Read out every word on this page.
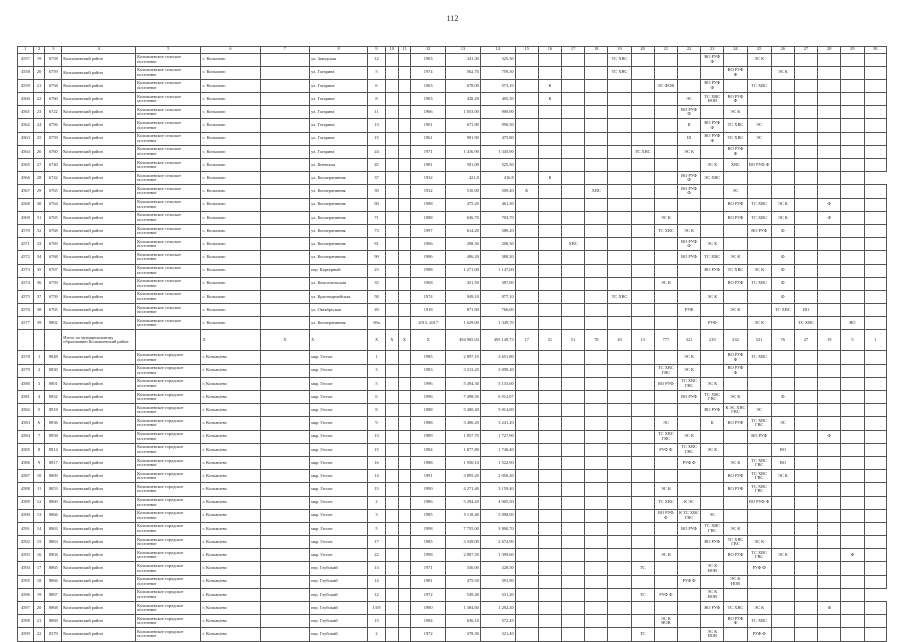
112
1	2	3	4	5	6	7	8	9	10	11	12	13	14	15	16	17	18	19	20	21	22	23	24	25	26	27	28	29	30
4557	19	6758	Колпашевский район	Колпашевское сельское поселение	с. Копылово		ул. Заводская	12			1963	341,30	325,30					ТС ХВС				ВО РУФ Ф		ЭС К					
4558	20	6759	Колпашевский район	Колпашевское сельское поселение	с. Копылово		ул. Гагарина	5			1974	562,70	759,30					ТС ХВС					ВО РУФ Ф		ЭС К				
4559	21	6758	Колпашевский район	Колпашевское сельское поселение	с. Копылово		ул. Гагарина	6			1963	678,00	573,10		К					ЭС ФОВ		ВО РУФ Ф		ТС ХВС					
4560	22	6760	Колпашевский район	Колпашевское сельское поселение	с. Копылово		ул. Гагарина	8			1963	428,20	405,30		К						ЭС	ТС ХВС НОВ	ВО РУФ Ф						
4561	23	6722	Колпашевский район	Колпашевское сельское поселение	с. Копылово		ул. Гагарина	11			1966	1 053,00	900,00								ВО РУФ Ф		ЭС К						
4562	24	6756	Колпашевский район	Колпашевское сельское поселение	с. Копылово		ул. Гагарина	13			1961	671,80	990,30								К	ВО РУФ Ф	ТС ХВС	ЭС					
4563	25	6759	Колпашевский район	Колпашевское сельское поселение	с. Копылово		ул. Гагарина	15			1961	981,90	475,80								Ш	ВО РУФ Ф	ТС ХВС	ЭС					
4564	26	6760	Колпашевский район	Колпашевское сельское поселение	с. Копылово		ул. Гагарина	24			1971	1 416,90	1 345,90						ТС ХВС		ЭС К		ВО РУФ Ф						
4565	27	6740	Колпашевский район	Колпашевское сельское поселение	с. Копылово		ул. Киевская	45			1981	581,00	525,50									ЭС К	ХВС	ВО РУФ Ф					
4566	28	6742	Колпашевский район	Колпашевское сельское поселение	с. Копылово		ул. Кооперативная	37			1932	421,8	416,8		К						ВО РУФ Ф	ЭС ХВС							
4567	29	6765	Колпашевский район	Колпашевское сельское поселение	с. Копылово		ул. Кооперативная	39			1932	510,00	509,40	К			ХВС				ВО РУФ Ф		ЭС						
4568	30	6764	Колпашевский район	Колпашевское сельское поселение	с. Копылово		ул. Кооперативная	60			1988	475,20	461,30										ВО РУФ	ТС ХВС	ЭС К		Ф		
4569	31	6765	Колпашевский район	Колпашевское сельское поселение	с. Копылово		ул. Кооперативная	71			1988	636,70	703,70							ЭС К			ВО РУФ	ТС ХВС	ЭС К		Ф		
4570	32	6768	Колпашевский район	Колпашевское сельское поселение	с. Копылово		ул. Кооперативная	73			1997	614,20	580,20							ТС ХВС	ЭС К			ВО РУФ	Ф				
4571	33	6769	Колпашевский район	Колпашевское сельское поселение	с. Копылово		ул. Кооперативная	81			1966	208,30	208,30			ХВС					ВО РУФ Ф	ЭС К							
4572	34	6768	Колпашевский район	Колпашевское сельское поселение	с. Копылово		ул. Кооперативная	90			1986	406,20	380,20								ВО РУФ	ТС ХВС	ЭС К		Ф				
4573	35	6767	Колпашевский район	Колпашевское сельское поселение	с. Копылово		пер. Карьерный	23			1988	1 271,00	1 147,00									ВО РУФ	ТС ХВС	ЭС К	Ф				
4574	36	6759	Колпашевский район	Колпашевское сельское поселение	с. Копылово		ул. Комсомольская	35			1968	451,50	387,00							ЭС К			ВО РУФ	ТС ХВС	Ф				
4575	37	6759	Колпашевский район	Колпашевское сельское поселение	с. Копылово		ул. Красноармейская	58			1974	949,10	877,10					ТС ХВС				ЭС К			Ф				
4576	38	6765	Колпашевский район	Колпашевское сельское поселение	с. Копылово		ул. Октябрьская	49			1918	871,90	766,00								РУФ		ЭС К		ТС ХВС	ВО			
4577	39	9802	Колпашевский район	Колпашевское сельское поселение	с. Копылово		ул. Кооперативная	69а			2015, 2017	1 629,00	1 349,70									РУФ		ЭС К		ТС ХВС		ВО	
			Итого по муниципальному образованию Колпашевский район		X	X	X	X	X	X	X	494 965,04	495 149,73	17	21	51	78	20	13	777	321	219	334	521	76	27	19	5	1
4578	1	8848	Колпашевский район	Колпашевское городское поселение	г. Колпашево		мкр. Геолог	1			1985	2 897,10	2 651,80								ЭС К		ВО РУФ Ф	ТС ХВС					
4579	2	8830	Колпашевский район	Колпашевское городское поселение	г. Колпашево		мкр. Геолог	3			1983	3 313,20	3 099,20							ТС ХВС ГВС	ЭС К		ВО РУФ Ф						
4580	3	8801	Колпашевский район	Колпашевское городское поселение	г. Колпашево		мкр. Геолог	5			1996	5 494,30	5 133,60							ВО РУФ	ТС ХВС ГВС	ЭС К							
4581	4	8832	Колпашевский район	Колпашевское городское поселение	г. Колпашево		мкр. Геолог	6			1996	7 498,50	6 912,07								ВО РУФ	ТС ХВС ГВС	ЭС К		Ф				
4582	5	8818	Колпашевский район	Колпашевское городское поселение	г. Колпашево		мкр. Геолог	8			1988	5 400,40	5 014,00									ВО РУФ	К ЭС ХВС ГВС	ЭС					
4583	6	8836	Колпашевский район	Колпашевское городское поселение	г. Колпашево		мкр. Геолог	9			1988	3 486,20	3 241,20							ЭС		К	ВО РУФ	ТС ХВС ГВС	ЭС				
4584	7	8858	Колпашевский район	Колпашевское городское поселение	г. Колпашево		мкр. Геолог	13			1989	1 857,70	1 727,90							ТС ХВС ГВС	ЭС К			ВО РУФ			Ф		
4585	8	8814	Колпашевский район	Колпашевское городское поселение	г. Колпашево		мкр. Геолог	15			1984	1 877,80	1 746,40							РУФ Ф	ТС ХВС ГВС	ЭС К			ВО				
4586	9	8817	Колпашевский район	Колпашевское городское поселение	г. Колпашево		мкр. Геолог	16			1988	1 950,10	1 522,90								РУФ Ф		ЭС К	ТС ХВС ГВС	ВО				
4587	10	8809	Колпашевский район	Колпашевское городское поселение	г. Колпашево		мкр. Геолог	14			1991	3 895,20	2 050,20										ВО РУФ	ТС ХВС ГВС	ЭС К				
4588	11	8853	Колпашевский район	Колпашевское городское поселение	г. Колпашево		мкр. Геолог	15			1990	4 271,40	3 159,40							ЭС К			ВО РУФ	ТС ХВС ГВС					
4589	12	8860	Колпашевский район	Колпашевское городское поселение	г. Колпашево		мкр. Геолог	2			1986	5 294,20	4 005,50							ТС ХВС	К ЭС			ВО РУФ Ф					
4590	13	8866	Колпашевский район	Колпашевское городское поселение	г. Колпашево		мкр. Геолог	3			1985	5 118,40	5 098,00							ВО РУФ Ф	К ТС ХВС ГВС	ЭС							
4591	14	8863	Колпашевский район	Колпашевское городское поселение	г. Колпашево		мкр. Геолог	5			1998	7 755,00	3 800,70								ВО РУФ	ТС ХВС ГВС	ЭС К						
4592	15	8863	Колпашевский район	Колпашевское городское поселение	г. Колпашево		мкр. Геолог	17			1985	3 339,00	2 674,90									ВО РУФ	ТС ХВС ГВС	ЭС К					
4593	16	8904	Колпашевский район	Колпашевское городское поселение	г. Колпашево		мкр. Геолог	22			1998	2 807,50	1 399,60							ЭС К			ВО РУФ	ТС ХВС ГВС	ЭС К			Ф	
4594	17	8865	Колпашевский район	Колпашевское городское поселение	г. Колпашево		пер. Глубокий	13			1971	336,00	328,50						ТС			ЭС К НОВ		РУФ Ф					
4595	18	8866	Колпашевский район	Колпашевское городское поселение	г. Колпашево		пер. Глубокий	14			1981	475,50	391,90								РУФ Ф		ЭС К НОВ						
4596	19	8867	Колпашевский район	Колпашевское городское поселение	г. Колпашево		пер. Глубокий	12			1972	549,40	531,20						ТС	РУФ Ф		ЭС К НОВ							
4597	20	8868	Колпашевский район	Колпашевское городское поселение	г. Колпашево		пер. Глубокий	13/9			1980	1 384,60	1 292,20									ВО РУФ	ТС ХВС	ЭС К			Ф		
4598	21	8869	Колпашевский район	Колпашевское городское поселение	г. Колпашево		пер. Глубокий	15			1984	636,10	572,45							ЭС К НОВ			ВО РУФ Ф	ТС ХВС					
4599	22	8379	Колпашевский район	Колпашевское городское поселение	г. Колпашево		пер. Глубокий	2			1972	378,30	321,40						ТС			ЭС К НОВ		РУФ Ф					
